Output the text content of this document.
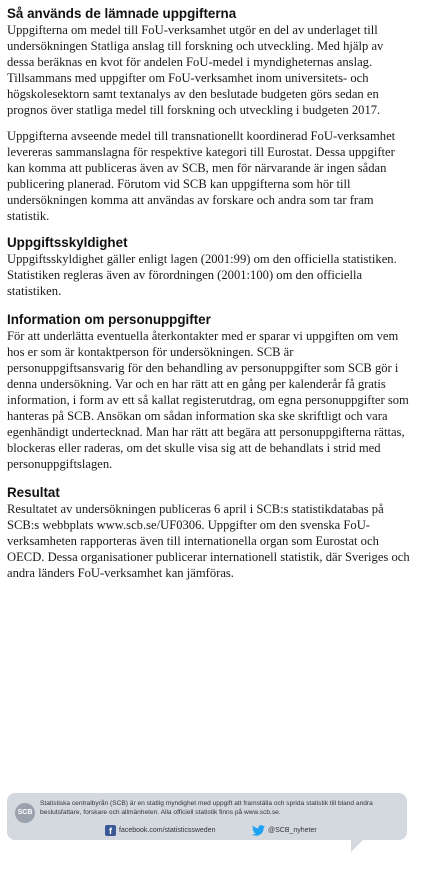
Så används de lämnade uppgifterna

Uppgifterna om medel till FoU-verksamhet utgör en del av underlaget till undersökningen Statliga anslag till forskning och utveckling. Med hjälp av dessa beräknas en kvot för andelen FoU-medel i myndigheternas anslag. Tillsammans med uppgifter om FoU-verksamhet inom universitets- och högskolesektorn samt textanalys av den beslutade budgeten görs sedan en prognos över statliga medel till forskning och utveckling i budgeten 2017.

Uppgifterna avseende medel till transnationellt koordinerad FoU-verksamhet levereras sammanslagna för respektive kategori till Eurostat. Dessa uppgifter kan komma att publiceras även av SCB, men för närvarande är ingen sådan publicering planerad. Förutom vid SCB kan uppgifterna som hör till undersökningen komma att användas av forskare och andra som tar fram statistik.

Uppgiftsskyldighet

Uppgiftsskyldighet gäller enligt lagen (2001:99) om den officiella statistiken. Statistiken regleras även av förordningen (2001:100) om den officiella statistiken.

Information om personuppgifter

För att underlätta eventuella återkontakter med er sparar vi uppgiften om vem hos er som är kontaktperson för undersökningen. SCB är personuppgiftsansvarig för den behandling av personuppgifter som SCB gör i denna undersökning. Var och en har rätt att en gång per kalenderår få gratis information, i form av ett så kallat registerutdrag, om egna personuppgifter som hanteras på SCB. Ansökan om sådan information ska ske skriftligt och vara egenhändigt undertecknad. Man har rätt att begära att personuppgifterna rättas, blockeras eller raderas, om det skulle visa sig att de behandlats i strid med personuppgiftslagen.

Resultat

Resultatet av undersökningen publiceras 6 april i SCB:s statistikdatabas på SCB:s webbplats www.scb.se/UF0306. Uppgifter om den svenska FoU-verksamheten rapporteras även till internationella organ som Eurostat och OECD. Dessa organisationer publicerar internationell statistik, där Sveriges och andra länders FoU-verksamhet kan jämföras.

SCB
Statistiska centralbyrån (SCB) är en statlig myndighet med uppgift att framställa och sprida statistik till bland andra beslutsfattare, forskare och allmänheten. Alla officiell statistik finns på www.scb.se.
f facebook.com/statisticssweden	@SCB_nyheter
